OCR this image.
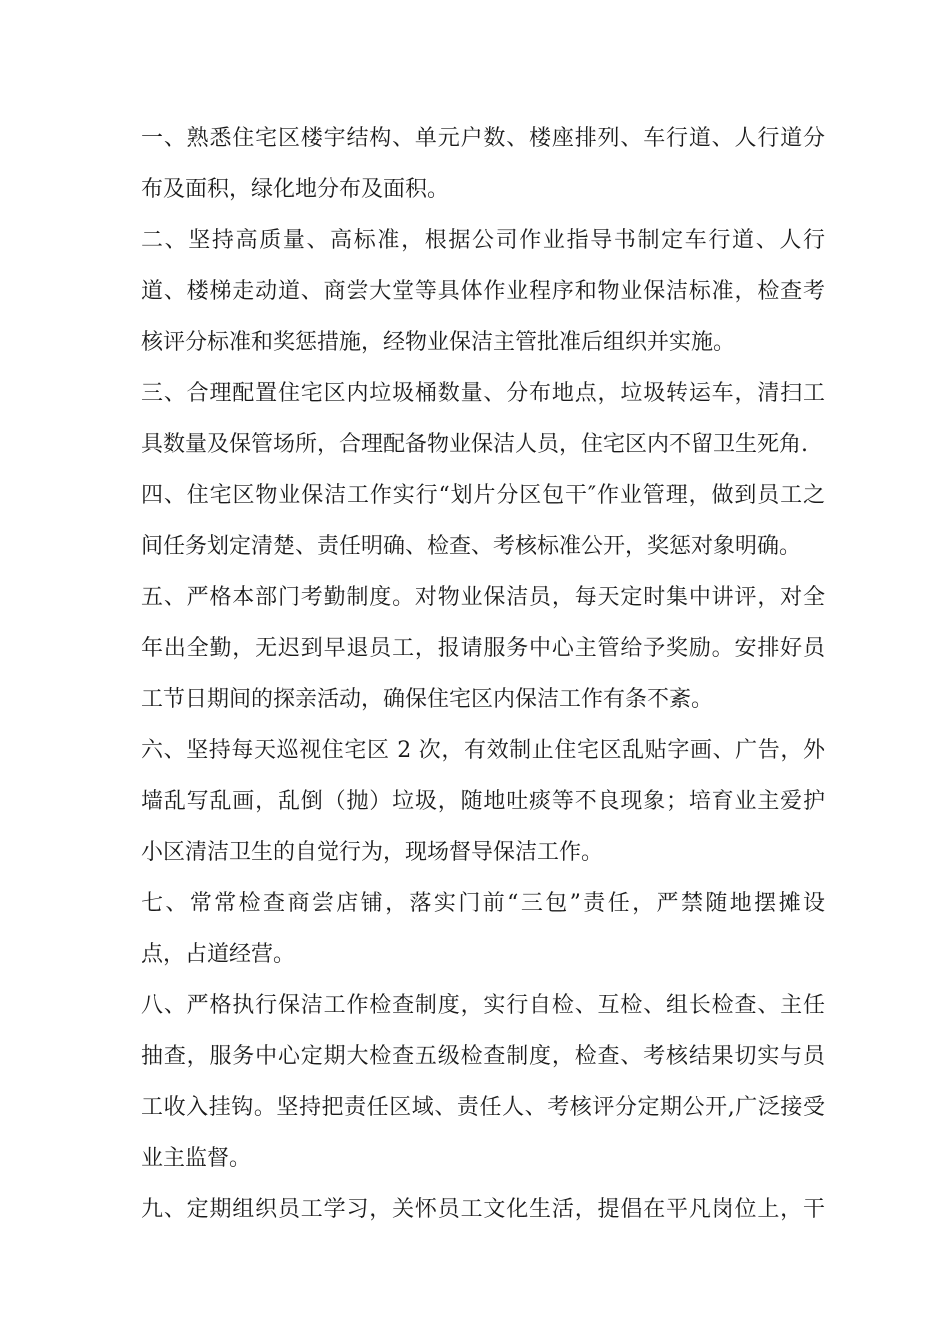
一、熟悉住宅区楼宇结构、单元户数、楼座排列、车行道、人行道分
布及面积，绿化地分布及面积。
二、坚持高质量、高标准，根据公司作业指导书制定车行道、人行
道、楼梯走动道、商尝大堂等具体作业程序和物业保洁标准，检查考
核评分标准和奖惩措施，经物业保洁主管批准后组织并实施。
三、合理配置住宅区内垃圾桶数量、分布地点，垃圾转运车，清扫工
具数量及保管场所，合理配备物业保洁人员，住宅区内不留卫生死角.
四、住宅区物业保洁工作实行“划片分区包干″作业管理，做到员工之
间任务划定清楚、责任明确、检查、考核标准公开，奖惩对象明确。
五、严格本部门考勤制度。对物业保洁员，每天定时集中讲评，对全
年出全勤，无迟到早退员工，报请服务中心主管给予奖励。安排好员
工节日期间的探亲活动，确保住宅区内保洁工作有条不紊。
六、坚持每天巡视住宅区 2 次，有效制止住宅区乱贴字画、广告，外
墙乱写乱画，乱倒（抛）垃圾，随地吐痰等不良现象；培育业主爱护
小区清洁卫生的自觉行为，现场督导保洁工作。
七、常常检查商尝店铺，落实门前“三包”责任，严禁随地摆摊设
点，占道经营。
八、严格执行保洁工作检查制度，实行自检、互检、组长检查、主任
抽查，服务中心定期大检查五级检查制度，检查、考核结果切实与员
工收入挂钩。坚持把责任区域、责任人、考核评分定期公开,广泛接受
业主监督。
九、定期组织员工学习，关怀员工文化生活，提倡在平凡岗位上，干
